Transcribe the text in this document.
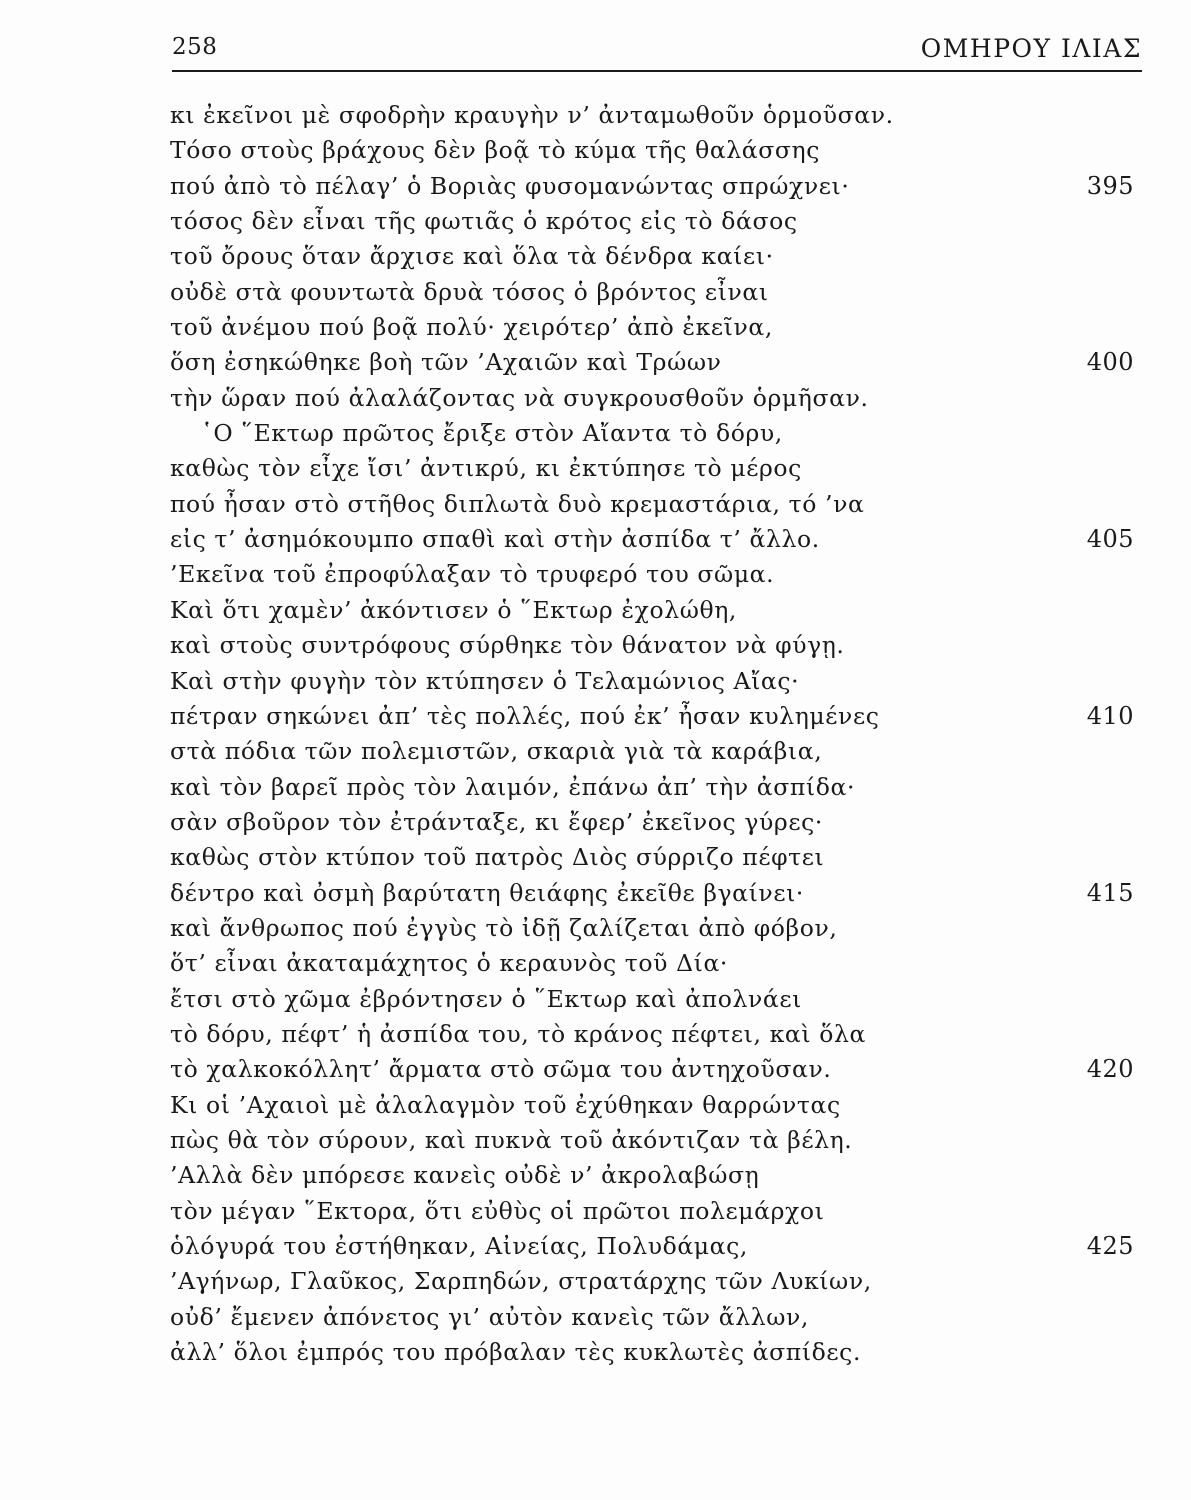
258	ΟΜΗΡΟΥ ΙΛΙΑΣ
κι ἐκεῖνοι μὲ σφοδρὴν κραυγὴν ν’ ἀνταμωθοῦν ὁρμοῦσαν.
Τόσο στοὺς βράχους δὲν βοᾷ τὸ κύμα τῆς θαλάσσης
πού ἀπὸ τὸ πέλαγ’ ὁ Βοριὰς φυσομανώντας σπρώχνει·	395
τόσος δὲν εἶναι τῆς φωτιᾶς ὁ κρότος εἰς τὸ δάσος
τοῦ ὄρους ὅταν ἄρχισε καὶ ὅλα τὰ δένδρα καίει·
οὐδὲ στὰ φουντωτὰ δρυὰ τόσος ὁ βρόντος εἶναι
τοῦ ἀνέμου πού βοᾷ πολύ· χειρότερ’ ἀπὸ ἐκεῖνα,
ὅση ἐσηκώθηκε βοὴ τῶν ’Αχαιῶν καὶ Τρώων	400
τὴν ὥραν πού ἀλαλάζοντας νὰ συγκρουσθοῦν ὁρμῆσαν.
῾Ο ῞Εκτωρ πρῶτος ἔριξε στὸν Αἴαντα τὸ δόρυ,
καθὼς τὸν εἶχε ἴσι’ ἀντικρύ, κι ἐκτύπησε τὸ μέρος
πού ἦσαν στὸ στῆθος διπλωτὰ δυὸ κρεμαστάρια, τό ’να
εἰς τ’ ἀσημόκουμπο σπαθὶ καὶ στὴν ἀσπίδα τ’ ἄλλο.	405
’Εκεῖνα τοῦ ἐπροφύλαξαν τὸ τρυφερό του σῶμα.
Καὶ ὅτι χαμὲν’ ἀκόντισεν ὁ ῞Εκτωρ ἐχολώθη,
καὶ στοὺς συντρόφους σύρθηκε τὸν θάνατον νὰ φύγῃ.
Καὶ στὴν φυγὴν τὸν κτύπησεν ὁ Τελαμώνιος Αἴας·
πέτραν σηκώνει ἀπ’ τὲς πολλές, πού ἐκ’ ἦσαν κυλημένες	410
στὰ πόδια τῶν πολεμιστῶν, σκαριὰ γιὰ τὰ καράβια,
καὶ τὸν βαρεῖ πρὸς τὸν λαιμόν, ἐπάνω ἀπ’ τὴν ἀσπίδα·
σὰν σβοῦρον τὸν ἐτράνταξε, κι ἔφερ’ ἐκεῖνος γύρες·
καθὼς στὸν κτύπον τοῦ πατρὸς Διὸς σύρριζο πέφτει
δέντρο καὶ ὀσμὴ βαρύτατη θειάφης ἐκεῖθε βγαίνει·	415
καὶ ἄνθρωπος πού ἐγγὺς τὸ ἰδῇ ζαλίζεται ἀπὸ φόβον,
ὅτ’ εἶναι ἀκαταμάχητος ὁ κεραυνὸς τοῦ Δία·
ἔτσι στὸ χῶμα ἐβρόντησεν ὁ ῞Εκτωρ καὶ ἀπολνάει
τὸ δόρυ, πέφτ’ ἡ ἀσπίδα του, τὸ κράνος πέφτει, καὶ ὅλα
τὸ χαλκοκόλλητ’ ἄρματα στὸ σῶμα του ἀντηχοῦσαν.	420
Κι οἱ ’Αχαιοὶ μὲ ἀλαλαγμὸν τοῦ ἐχύθηκαν θαρρώντας
πὼς θὰ τὸν σύρουν, καὶ πυκνὰ τοῦ ἀκόντιζαν τὰ βέλη.
’Αλλὰ δὲν μπόρεσε κανεὶς οὐδὲ ν’ ἀκρολαβώσῃ
τὸν μέγαν ῞Εκτορα, ὅτι εὐθὺς οἱ πρῶτοι πολεμάρχοι
ὁλόγυρά του ἐστήθηκαν, Αἰνείας, Πολυδάμας,	425
’Αγήνωρ, Γλαῦκος, Σαρπηδών, στρατάρχης τῶν Λυκίων,
οὐδ’ ἔμενεν ἀπόνετος γι’ αὐτὸν κανεὶς τῶν ἄλλων,
ἀλλ’ ὅλοι ἐμπρός του πρόβαλαν τὲς κυκλωτὲς ἀσπίδες.
